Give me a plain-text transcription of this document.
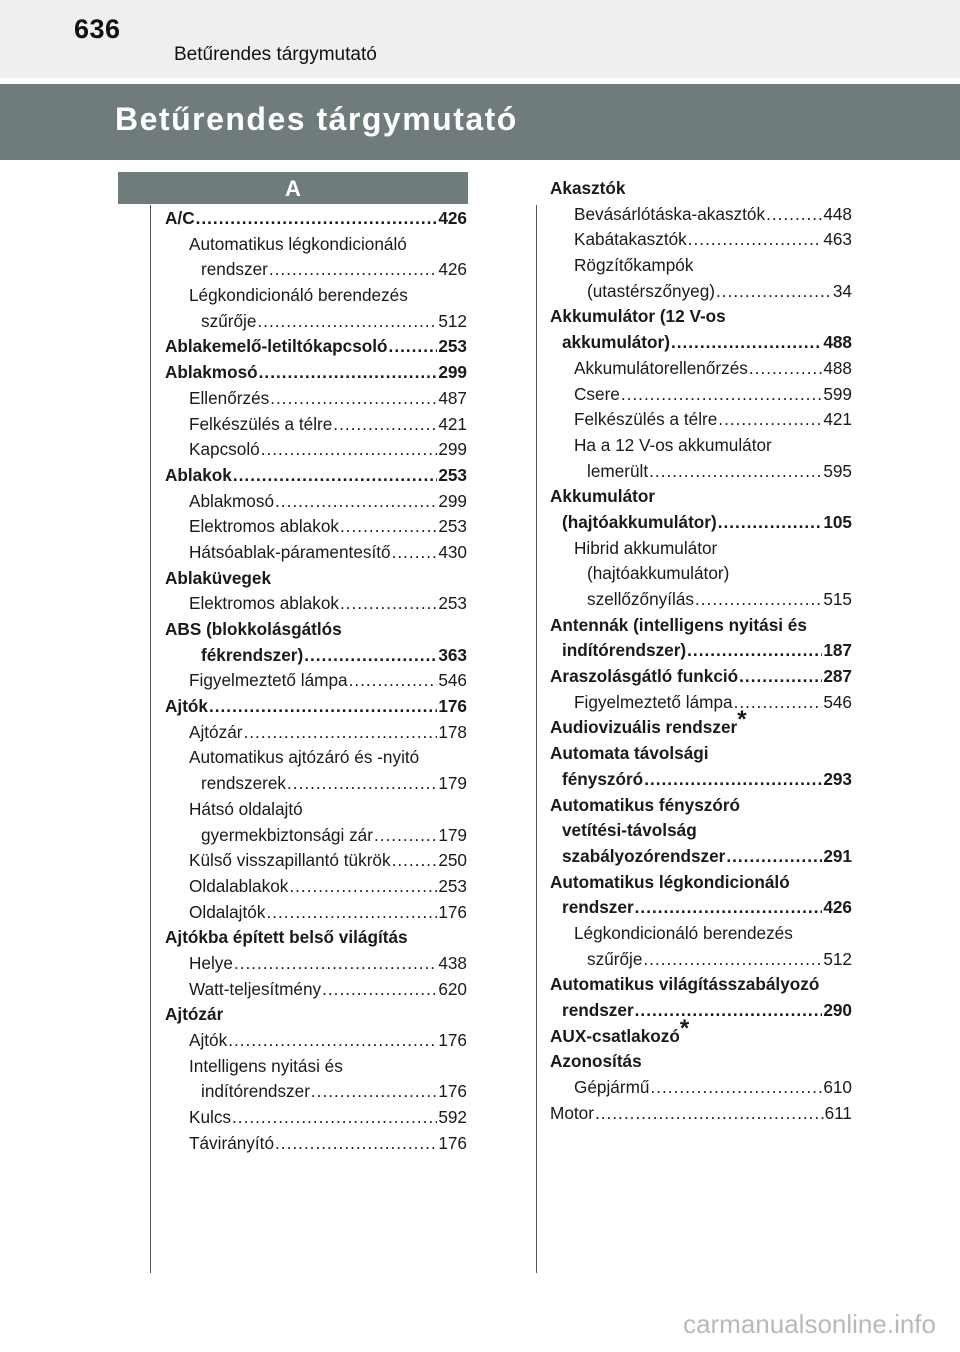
636
Betűrendes tárgymutató
Betűrendes tárgymutató
A
A/C .....	426
Automatikus légkondicionáló
rendszer .....	426
Légkondicionáló berendezés
szűrője .....	512
Ablakemelő-letiltókapcsoló .....	253
Ablakmosó .....	299
Ellenőrzés .....	487
Felkészülés a télre .....	421
Kapcsoló .....	299
Ablakok .....	253
Ablakmosó .....	299
Elektromos ablakok .....	253
Hátsóablak-páramentesítő .....	430
Ablaküvegek
Elektromos ablakok .....	253
ABS (blokkolásgátlós
fékrendszer) .....	363
Figyelmeztető lámpa .....	546
Ajtók .....	176
Ajtózár .....	178
Automatikus ajtózáró és -nyitó
rendszerek .....	179
Hátsó oldalajtó
gyermekbiztonsági zár .....	179
Külső visszapillantó tükrök .....	250
Oldalablakok .....	253
Oldalajtók .....	176
Ajtókba épített belső világítás
Helye .....	438
Watt-teljesítmény .....	620
Ajtózár
Ajtók .....	176
Intelligens nyitási és
indítórendszer .....	176
Kulcs .....	592
Távirányító .....	176
Akasztók
Bevásárlótáska-akasztók .....	448
Kabátakasztók .....	463
Rögzítőkampók
(utastérszőnyeg) .....	34
Akkumulátor (12 V-os
akkumulátor) .....	488
Akkumulátorellenőrzés .....	488
Csere .....	599
Felkészülés a télre .....	421
Ha a 12 V-os akkumulátor
lemerült .....	595
Akkumulátor
(hajtóakkumulátor) .....	105
Hibrid akkumulátor
(hajtóakkumulátor)
szellőzőnyílás .....	515
Antennák (intelligens nyitási és
indítórendszer) .....	187
Araszolásgátló funkció .....	287
Figyelmeztető lámpa .....	546
Audiovizuális rendszer *
Automata távolsági
fényszóró .....	293
Automatikus fényszóró
vetítési-távolság
szabályozórendszer .....	291
Automatikus légkondicionáló
rendszer .....	426
Légkondicionáló berendezés
szűrője .....	512
Automatikus világításszabályozó
rendszer .....	290
AUX-csatlakozó *
Azonosítás
Gépjármű .....	610
Motor .....	611
carmanualsonline.info
